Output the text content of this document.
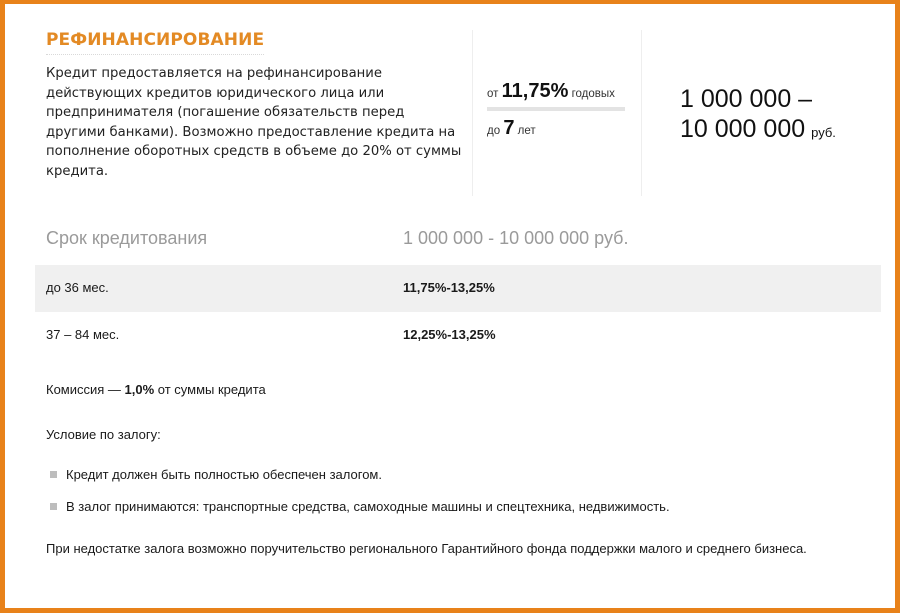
РЕФИНАНСИРОВАНИЕ
Кредит предоставляется на рефинансирование действующих кредитов юридического лица или предпринимателя (погашение обязательств перед другими банками). Возможно предоставление кредита на пополнение оборотных средств в объеме до 20% от суммы кредита.
от 11,75% годовых
до 7 лет
1 000 000 –
10 000 000 руб.
Срок кредитования	1 000 000 - 10 000 000 руб.
до 36 мес.	11,75%-13,25%
37 – 84 мес.	12,25%-13,25%
Комиссия — 1,0% от суммы кредита
Условие по залогу:
Кредит должен быть полностью обеспечен залогом.
В залог принимаются: транспортные средства, самоходные машины и спецтехника, недвижимость.
При недостатке залога возможно поручительство регионального Гарантийного фонда поддержки малого и среднего бизнеса.
